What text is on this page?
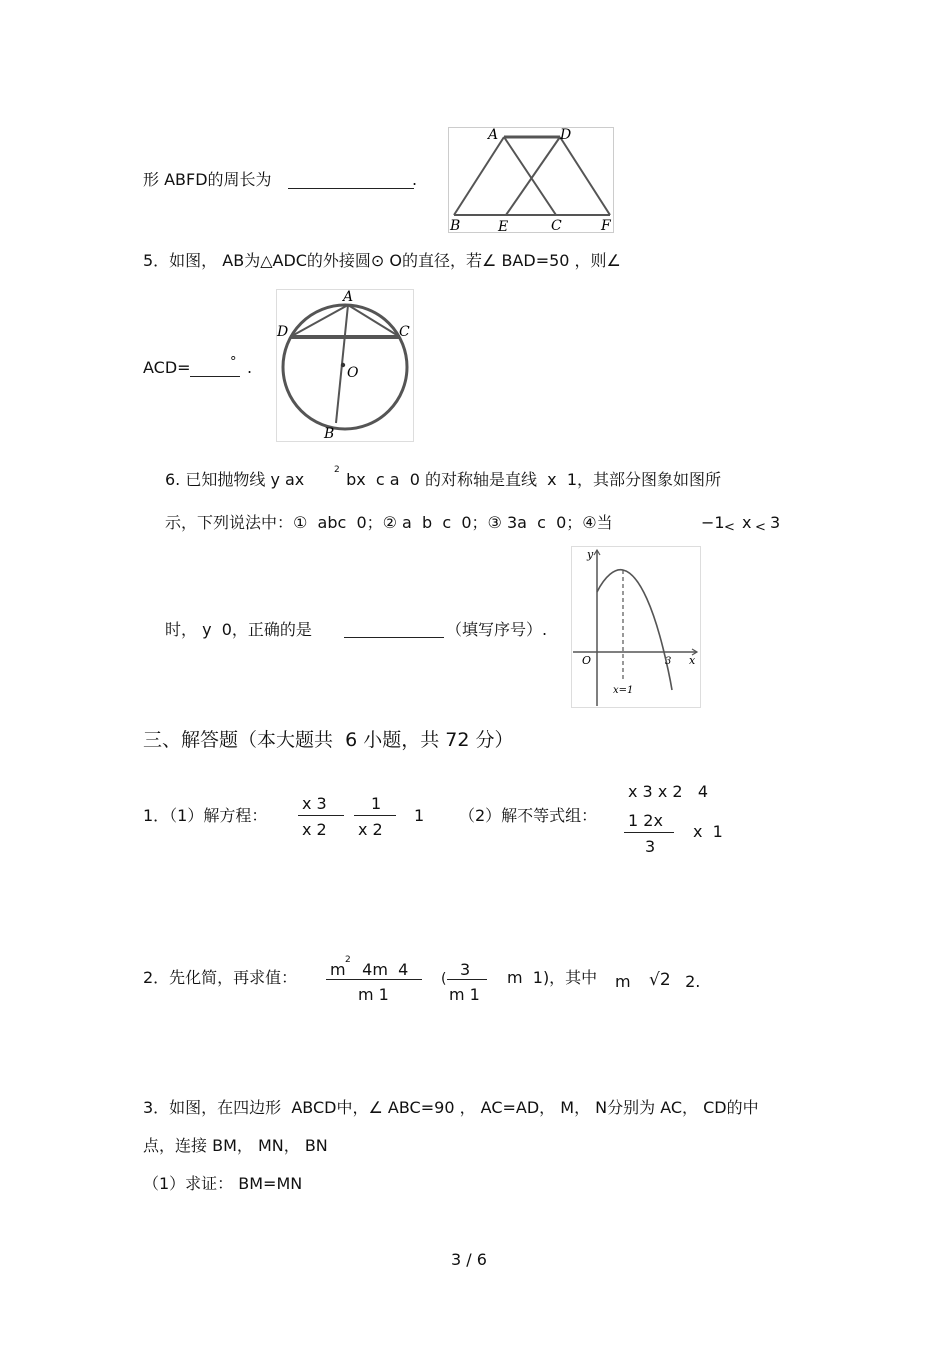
形 ABFD的周长为	.
A	D
B	E	C	F
5．如图， AB为△ADC的外接圆⊙ O的直径，若∠ BAD=50 ，则∠
ACD=	° .
A
D	C
O
B
6. 已知抛物线 y ax	2 bx  c a  0 的对称轴是直线  x  1，其部分图象如图所
示，下列说法中：①  abc  0；② a  b  c  0；③ 3a  c  0；④当	−1 < x < 3
时， y  0，正确的是	（填写序号）.
y
x
O	3
x=1
三、解答题（本大题共  6 小题，共 72 分）
1．（1）解方程：
x 3
x 2
1
x 2
1 （2）解不等式组：
x 3 x 2   4
1 2x
3
x  1
2．先化简，再求值： m 2 4m  4
m 1
( 3
m 1
m  1)，其中 m √2 2.
3．如图，在四边形  ABCD中，∠ ABC=90 ， AC=AD， M， N分别为 AC， CD的中
点，连接 BM， MN， BN
（1）求证： BM=MN
3 / 6
